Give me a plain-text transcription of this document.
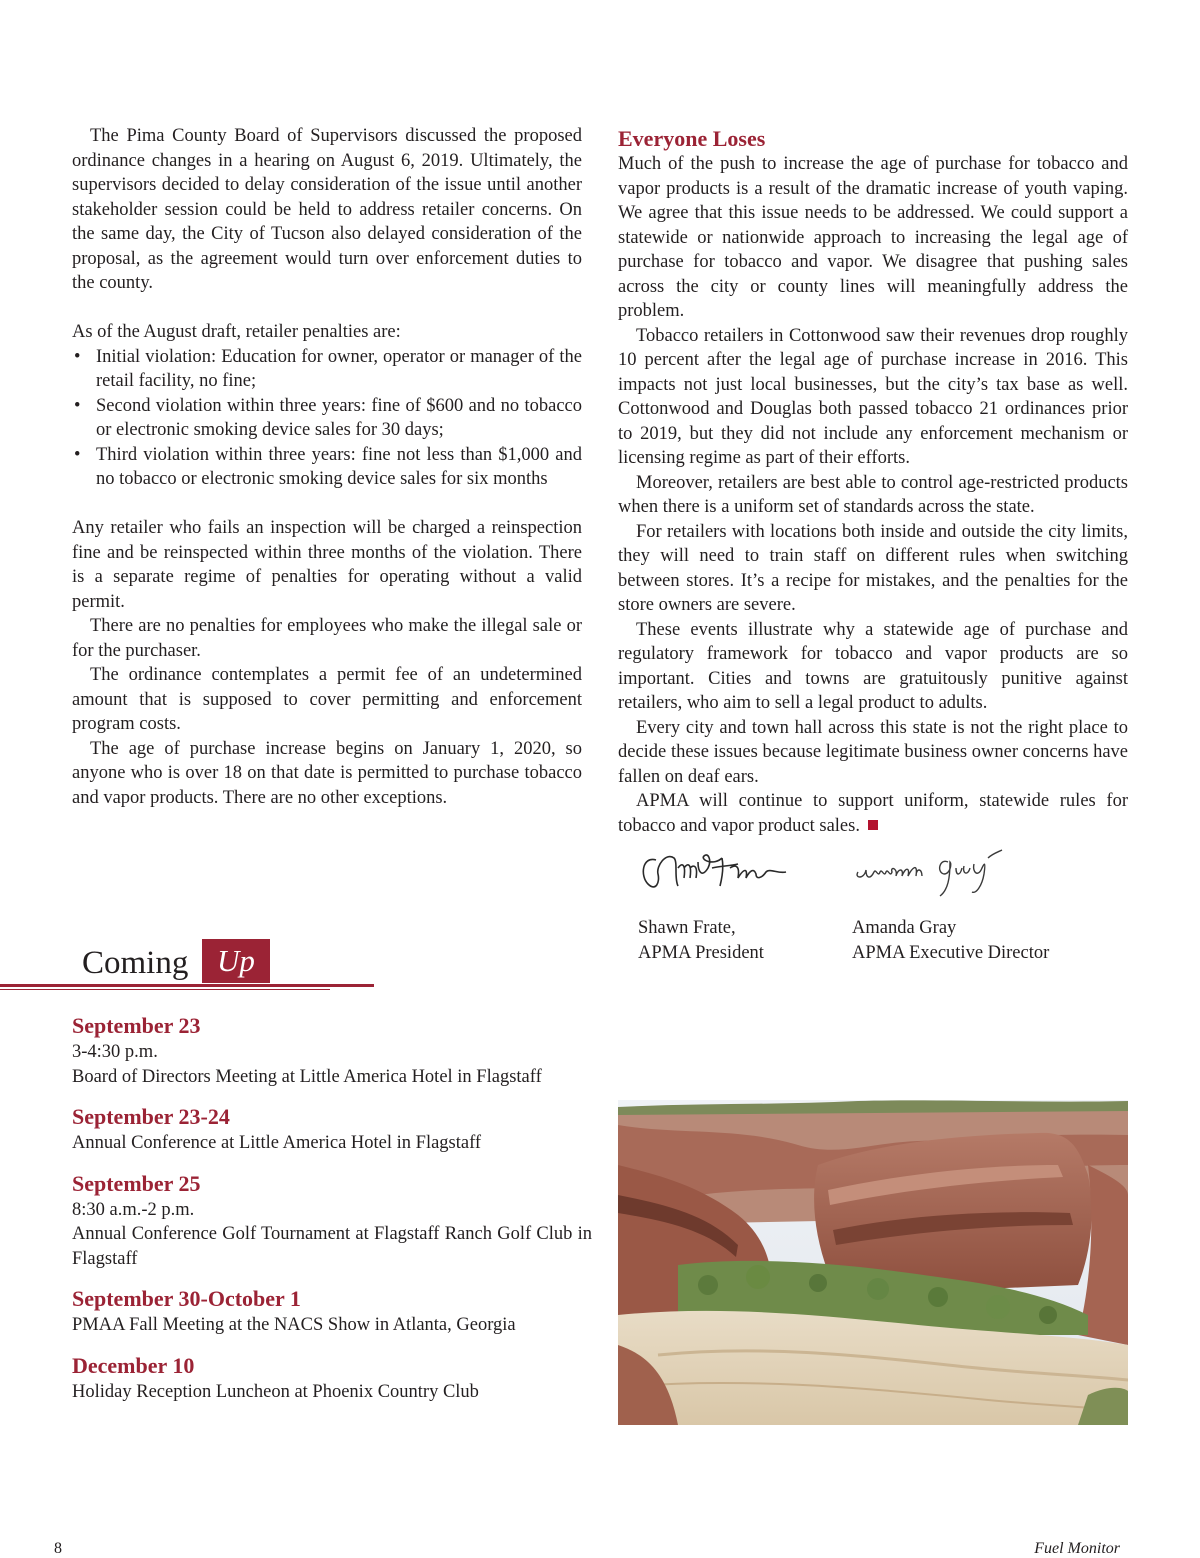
The Pima County Board of Supervisors discussed the proposed ordinance changes in a hearing on August 6, 2019. Ultimately, the supervisors decided to delay consideration of the issue until another stakeholder session could be held to address retailer concerns. On the same day, the City of Tucson also delayed consideration of the proposal, as the agreement would turn over enforcement duties to the county.

As of the August draft, retailer penalties are:

• Initial violation: Education for owner, operator or manager of the retail facility, no fine;
• Second violation within three years: fine of $600 and no tobacco or electronic smoking device sales for 30 days;
• Third violation within three years: fine not less than $1,000 and no tobacco or electronic smoking device sales for six months

Any retailer who fails an inspection will be charged a reinspection fine and be reinspected within three months of the violation. There is a separate regime of penalties for operating without a valid permit.

There are no penalties for employees who make the illegal sale or for the purchaser.

The ordinance contemplates a permit fee of an undetermined amount that is supposed to cover permitting and enforcement program costs.

The age of purchase increase begins on January 1, 2020, so anyone who is over 18 on that date is permitted to purchase tobacco and vapor products. There are no other exceptions.

Everyone Loses

Much of the push to increase the age of purchase for tobacco and vapor products is a result of the dramatic increase of youth vaping. We agree that this issue needs to be addressed. We could support a statewide or nationwide approach to increasing the legal age of purchase for tobacco and vapor. We disagree that pushing sales across the city or county lines will meaningfully address the problem.

Tobacco retailers in Cottonwood saw their revenues drop roughly 10 percent after the legal age of purchase increase in 2016. This impacts not just local businesses, but the city’s tax base as well. Cottonwood and Douglas both passed tobacco 21 ordinances prior to 2019, but they did not include any enforcement mechanism or licensing regime as part of their efforts.

Moreover, retailers are best able to control age-restricted products when there is a uniform set of standards across the state.

For retailers with locations both inside and outside the city limits, they will need to train staff on different rules when switching between stores. It’s a recipe for mistakes, and the penalties for the store owners are severe.

These events illustrate why a statewide age of purchase and regulatory framework for tobacco and vapor products are so important. Cities and towns are gratuitously punitive against retailers, who aim to sell a legal product to adults.

Every city and town hall across this state is not the right place to decide these issues because legitimate business owner concerns have fallen on deaf ears.

APMA will continue to support uniform, statewide rules for tobacco and vapor product sales.

Shawn Frate,
APMA President
Amanda Gray
APMA Executive Director
Coming Up
September 23
3-4:30 p.m.
Board of Directors Meeting at Little America Hotel in Flagstaff
September 23-24
Annual Conference at Little America Hotel in Flagstaff
September 25
8:30 a.m.-2 p.m.
Annual Conference Golf Tournament at Flagstaff Ranch Golf Club in Flagstaff
September 30-October 1
PMAA Fall Meeting at the NACS Show in Atlanta, Georgia
December 10
Holiday Reception Luncheon at Phoenix Country Club
8	Fuel Monitor
